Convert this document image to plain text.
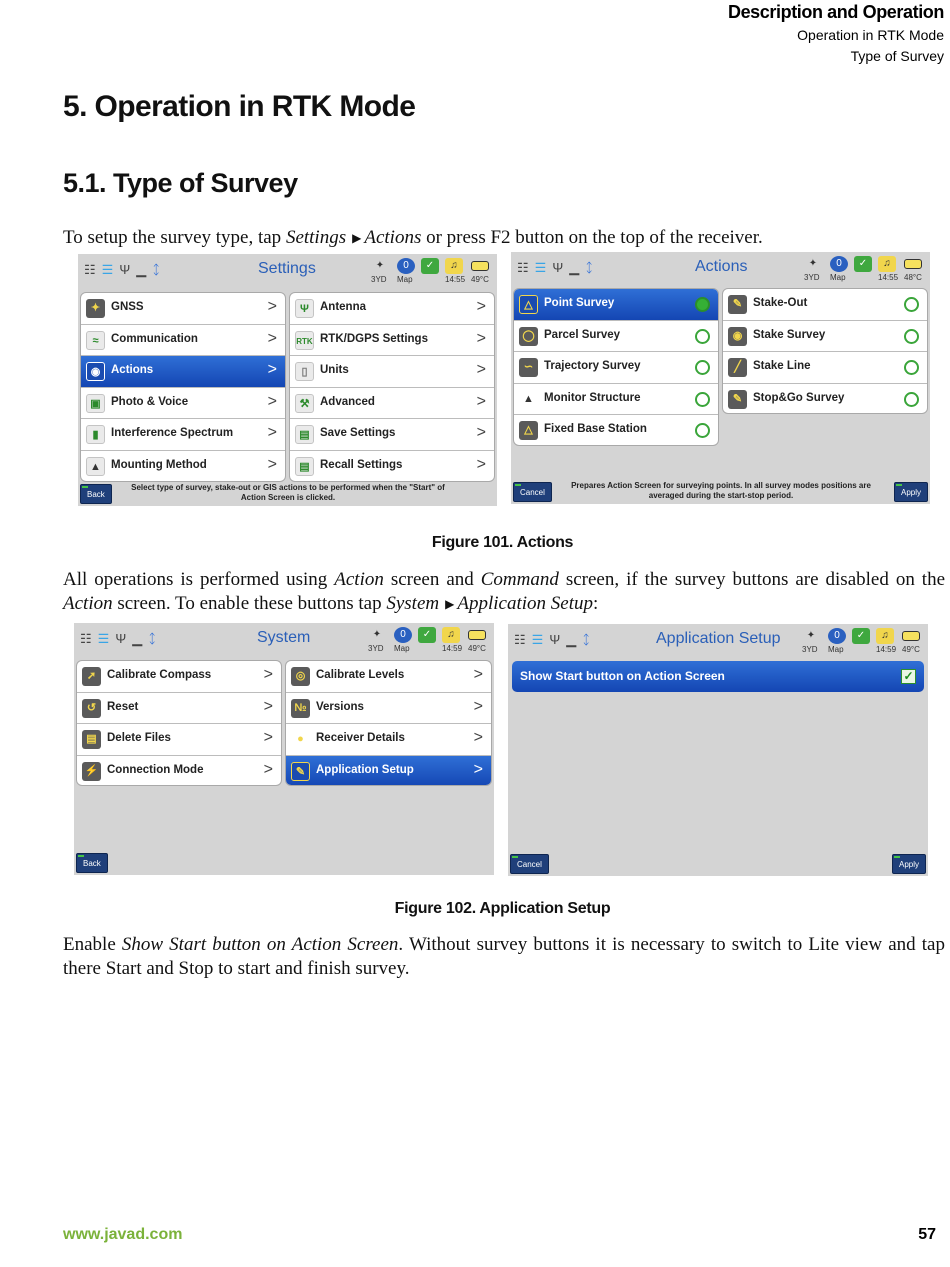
Description and Operation
Operation in RTK Mode
Type of Survey
5. Operation in RTK Mode
5.1. Type of Survey

To setup the survey type, tap Settings ▶ Actions or press F2 button on the top of the receiver.

☷☰Ψ▁ᛨ	Settings	✦	0	✓	♫
3YD Map	14:55 49°C
✦ GNSS	>
≈	Communication	>
◉ Actions	>
▣ Photo & Voice	>
▮	Interference Spectrum >
▲ Mounting Method	>
Ψ Antenna	>
RTK RTK/DGPS Settings	>
▯	Units	>
⚒ Advanced	>
▤ Save Settings	>
▤ Recall Settings	>
Back
Select type of survey, stake-out or GIS actions to be performed when the "Start" of Action Screen is clicked.
☷☰Ψ▁ᛨ	Actions	✦	0	✓	♫
3YD Map	14:55 48°C
△ Point Survey
◯ Parcel Survey
∽ Trajectory Survey
▲ Monitor Structure
△ Fixed Base Station
✎ Stake-Out
◉ Stake Survey
╱	Stake Line
✎ Stop&Go Survey
Cancel
Prepares Action Screen for surveying points. In all survey modes positions are averaged during the start-stop period.	Apply
Figure 101. Actions

All operations is performed using Action screen and Command screen, if the survey buttons are disabled on the Action screen. To enable these buttons tap System ▶ Application Setup:

☷☰Ψ▁ᛨ	System	✦	0	✓	♫
3YD Map	14:59 49°C
➚ Calibrate Compass	>
↺ Reset	>
▤ Delete Files	>
⚡ Connection Mode	>
◎ Calibrate Levels	>
№ Versions	>
●	Receiver Details	>
✎ Application Setup	>
Back
☷☰Ψ▁ᛨ	Application Setup	✦	0	✓	♫
3YD Map	14:59 49°C
Show Start button on Action Screen	✓
Cancel	Apply
Figure 102. Application Setup

Enable Show Start button on Action Screen. Without survey buttons it is necessary to switch to Lite view and tap there Start and Stop to start and finish survey.

www.javad.com	57
